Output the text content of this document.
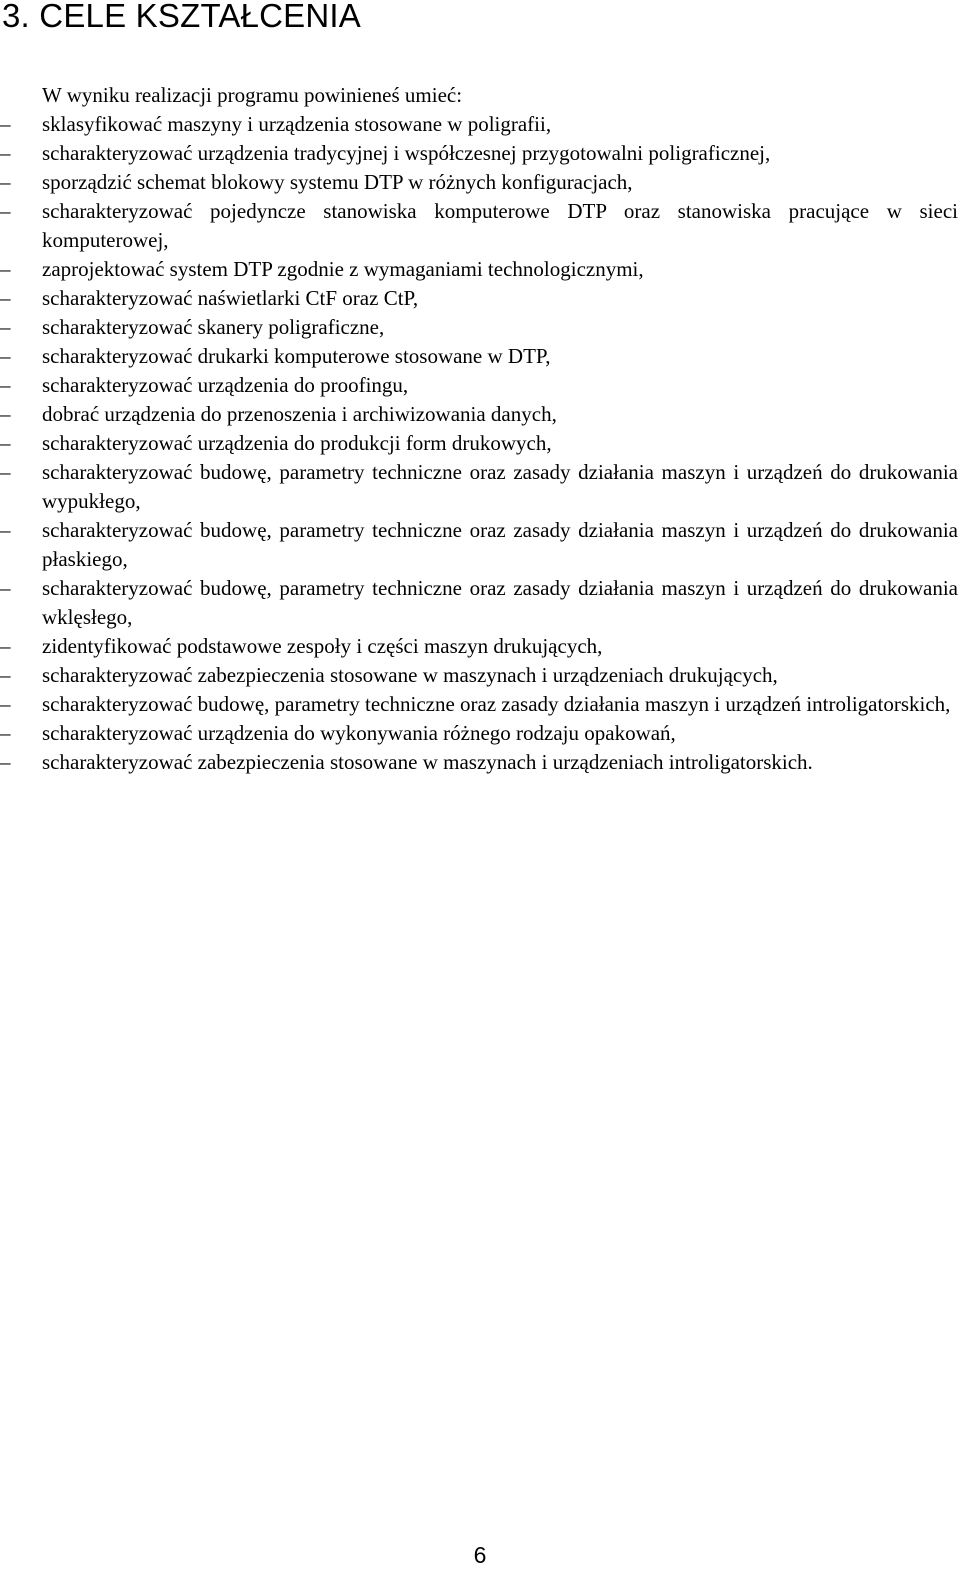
3. CELE KSZTAŁCENIA

W wyniku realizacji programu powinieneś umieć:

–	sklasyfikować maszyny i urządzenia stosowane w poligrafii,
–	scharakteryzować urządzenia tradycyjnej i współczesnej przygotowalni poligraficznej,
–	sporządzić schemat blokowy systemu DTP w różnych konfiguracjach,
–	scharakteryzować pojedyncze stanowiska komputerowe DTP oraz stanowiska pracujące w sieci komputerowej,
–	zaprojektować system DTP zgodnie z wymaganiami technologicznymi,
–	scharakteryzować naświetlarki CtF oraz CtP,
–	scharakteryzować skanery poligraficzne,
–	scharakteryzować drukarki komputerowe stosowane w DTP,
–	scharakteryzować urządzenia do proofingu,
–	dobrać urządzenia do przenoszenia i archiwizowania danych,
–	scharakteryzować urządzenia do produkcji form drukowych,
–	scharakteryzować budowę, parametry techniczne oraz zasady działania maszyn i urządzeń do drukowania wypukłego,
–	scharakteryzować budowę, parametry techniczne oraz zasady działania maszyn i urządzeń do drukowania płaskiego,
–	scharakteryzować budowę, parametry techniczne oraz zasady działania maszyn i urządzeń do drukowania wklęsłego,
–	zidentyfikować podstawowe zespoły i części maszyn drukujących,
–	scharakteryzować zabezpieczenia stosowane w maszynach i urządzeniach drukujących,
–	scharakteryzować budowę, parametry techniczne oraz zasady działania maszyn i urządzeń introligatorskich,
–	scharakteryzować urządzenia do wykonywania różnego rodzaju opakowań,
–	scharakteryzować zabezpieczenia stosowane w maszynach i urządzeniach introligatorskich.
6
